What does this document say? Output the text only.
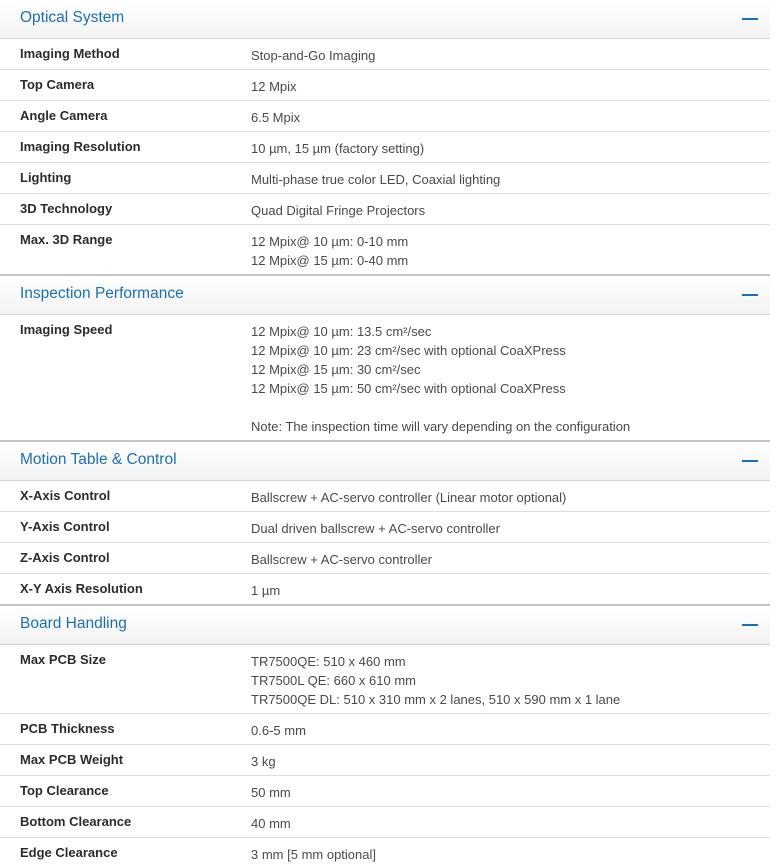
Optical System
Imaging Method	Stop-and-Go Imaging
Top Camera	12 Mpix
Angle Camera	6.5 Mpix
Imaging Resolution	10 µm, 15 µm (factory setting)
Lighting	Multi-phase true color LED, Coaxial lighting
3D Technology	Quad Digital Fringe Projectors
Max. 3D Range	12 Mpix@ 10 µm: 0-10 mm
12 Mpix@ 15 µm: 0-40 mm
Inspection Performance
Imaging Speed	12 Mpix@ 10 µm: 13.5 cm²/sec
12 Mpix@ 10 µm: 23 cm²/sec with optional CoaXPress
12 Mpix@ 15 µm: 30 cm²/sec
12 Mpix@ 15 µm: 50 cm²/sec with optional CoaXPress
Note: The inspection time will vary depending on the configuration
Motion Table & Control
X-Axis Control	Ballscrew + AC-servo controller (Linear motor optional)
Y-Axis Control	Dual driven ballscrew + AC-servo controller
Z-Axis Control	Ballscrew + AC-servo controller
X-Y Axis Resolution	1 µm
Board Handling
Max PCB Size	TR7500QE: 510 x 460 mm
TR7500L QE: 660 x 610 mm
TR7500QE DL: 510 x 310 mm x 2 lanes, 510 x 590 mm x 1 lane
PCB Thickness	0.6-5 mm
Max PCB Weight	3 kg
Top Clearance	50 mm
Bottom Clearance	40 mm
Edge Clearance	3 mm [5 mm optional]
